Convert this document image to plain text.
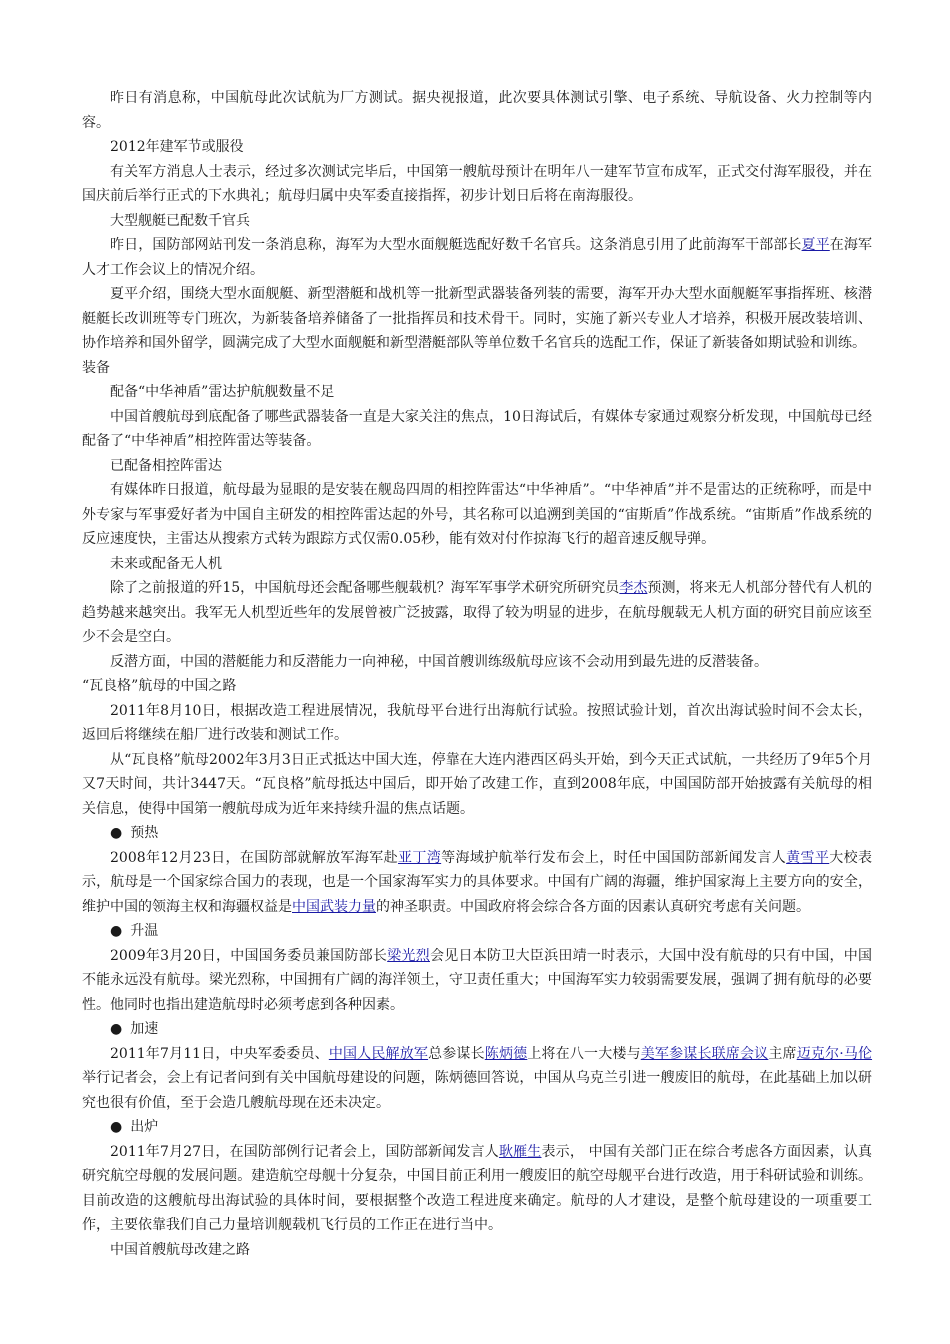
昨日有消息称，中国航母此次试航为厂方测试。据央视报道，此次要具体测试引擎、电子系统、导航设备、火力控制等内容。

2012年建军节或服役

有关军方消息人士表示，经过多次测试完毕后，中国第一艘航母预计在明年八一建军节宣布成军，正式交付海军服役，并在国庆前后举行正式的下水典礼；航母归属中央军委直接指挥，初步计划日后将在南海服役。

大型舰艇已配数千官兵

昨日，国防部网站刊发一条消息称，海军为大型水面舰艇选配好数千名官兵。这条消息引用了此前海军干部部长夏平在海军人才工作会议上的情况介绍。

夏平介绍，围绕大型水面舰艇、新型潜艇和战机等一批新型武器装备列装的需要，海军开办大型水面舰艇军事指挥班、核潜艇艇长改训班等专门班次，为新装备培养储备了一批指挥员和技术骨干。同时，实施了新兴专业人才培养，积极开展改装培训、协作培养和国外留学，圆满完成了大型水面舰艇和新型潜艇部队等单位数千名官兵的选配工作，保证了新装备如期试验和训练。

装备

配备“中华神盾”雷达护航舰数量不足

中国首艘航母到底配备了哪些武器装备一直是大家关注的焦点，10日海试后，有媒体专家通过观察分析发现，中国航母已经配备了“中华神盾”相控阵雷达等装备。

已配备相控阵雷达

有媒体昨日报道，航母最为显眼的是安装在舰岛四周的相控阵雷达“中华神盾”。“中华神盾”并不是雷达的正统称呼，而是中外专家与军事爱好者为中国自主研发的相控阵雷达起的外号，其名称可以追溯到美国的“宙斯盾”作战系统。“宙斯盾”作战系统的反应速度快，主雷达从搜索方式转为跟踪方式仅需0.05秒，能有效对付作掠海飞行的超音速反舰导弹。

未来或配备无人机

除了之前报道的歼15，中国航母还会配备哪些舰载机？海军军事学术研究所研究员李杰预测，将来无人机部分替代有人机的趋势越来越突出。我军无人机型近些年的发展曾被广泛披露，取得了较为明显的进步，在航母舰载无人机方面的研究目前应该至少不会是空白。

反潜方面，中国的潜艇能力和反潜能力一向神秘，中国首艘训练级航母应该不会动用到最先进的反潜装备。

“瓦良格”航母的中国之路

2011年8月10日，根据改造工程进展情况，我航母平台进行出海航行试验。按照试验计划，首次出海试验时间不会太长，返回后将继续在船厂进行改装和测试工作。

从“瓦良格”航母2002年3月3日正式抵达中国大连，停靠在大连内港西区码头开始，到今天正式试航，一共经历了9年5个月又7天时间，共计3447天。“瓦良格”航母抵达中国后，即开始了改建工作，直到2008年底，中国国防部开始披露有关航母的相关信息，使得中国第一艘航母成为近年来持续升温的焦点话题。

● 预热

2008年12月23日，在国防部就解放军海军赴亚丁湾等海域护航举行发布会上，时任中国国防部新闻发言人黄雪平大校表示，航母是一个国家综合国力的表现，也是一个国家海军实力的具体要求。中国有广阔的海疆，维护国家海上主要方向的安全，维护中国的领海主权和海疆权益是中国武装力量的神圣职责。中国政府将会综合各方面的因素认真研究考虑有关问题。

● 升温

2009年3月20日，中国国务委员兼国防部长梁光烈会见日本防卫大臣浜田靖一时表示，大国中没有航母的只有中国，中国不能永远没有航母。梁光烈称，中国拥有广阔的海洋领土，守卫责任重大；中国海军实力较弱需要发展，强调了拥有航母的必要性。他同时也指出建造航母时必须考虑到各种因素。

● 加速

2011年7月11日，中央军委委员、中国人民解放军总参谋长陈炳德上将在八一大楼与美军参谋长联席会议主席迈克尔·马伦举行记者会，会上有记者问到有关中国航母建设的问题，陈炳德回答说，中国从乌克兰引进一艘废旧的航母，在此基础上加以研究也很有价值，至于会造几艘航母现在还未决定。

● 出炉

2011年7月27日，在国防部例行记者会上，国防部新闻发言人耿雁生表示， 中国有关部门正在综合考虑各方面因素，认真研究航空母舰的发展问题。建造航空母舰十分复杂，中国目前正利用一艘废旧的航空母舰平台进行改造，用于科研试验和训练。目前改造的这艘航母出海试验的具体时间，要根据整个改造工程进度来确定。航母的人才建设，是整个航母建设的一项重要工作，主要依靠我们自己力量培训舰载机飞行员的工作正在进行当中。

中国首艘航母改建之路
